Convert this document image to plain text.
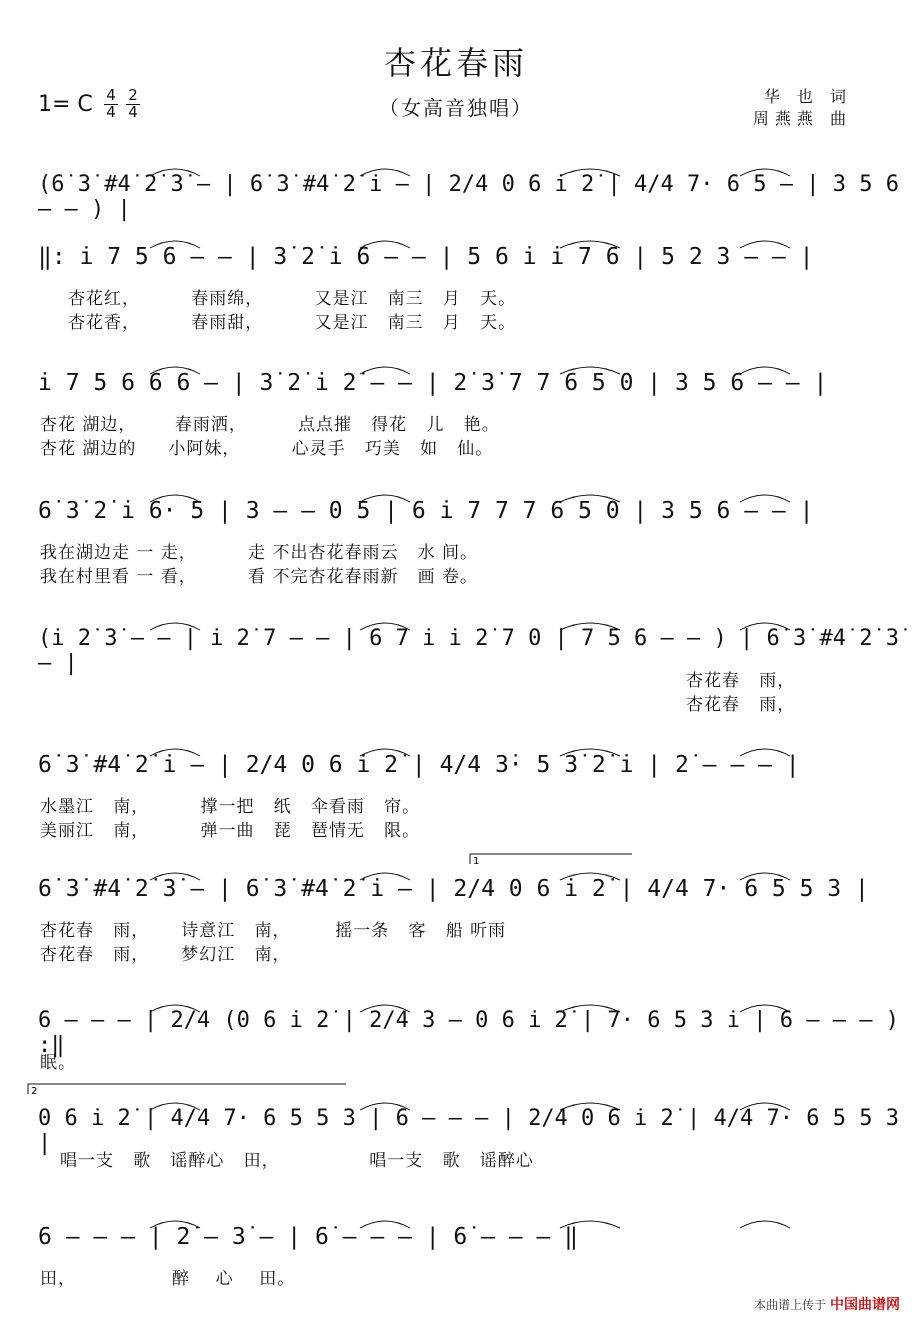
杏花春雨
（女高音独唱）
1= C 4
4
2
4
华 也 词
周燕燕 曲
(6̇ 3̇ #4̇ 2̇ 3̇ – | 6̇ 3̇ #4̇ 2̇ i̇ – | 2/4 0 6 i̇ 2̇ | 4/4 7· 6 5 – | 3 5 6 – – ) |
‖: i̇ 7 5 6 – – | 3̇ 2̇ i̇ 6 – – | 5 6 i̇ i̇ 7 6 | 5 2 3 – – |
杏花红，        春雨绵，        又是江   南三   月   天。
杏花香，        春雨甜，        又是江   南三   月   天。
i̇ 7 5 6 6 6 – | 3̇ 2̇ i̇ 2̇ – – | 2̇ 3̇ 7 7 6 5 0 | 3 5 6 – – |
杏花 湖边，      春雨洒，        点点摧   得花   儿   艳。
杏花 湖边的     小阿妹，        心灵手   巧美   如   仙。
6̇ 3̇ 2̇ i̇ 6· 5 | 3 – – 0 5 | 6 i̇ 7 7 7 6 5 0 | 3 5 6 – – |
我在湖边走 一 走，        走 不出杏花春雨云   水 间。
我在村里看 一 看，        看 不完杏花春雨新   画 卷。
(i̇ 2̇ 3̇ – – | i̇ 2̇ 7 – – | 6 7 i̇ i̇ 2̇ 7 0 | 7 5 6 – – ) | 6̇ 3̇ #4̇ 2̇ 3̇ – |
杏花春   雨，
杏花春   雨，
6̇ 3̇ #4̇ 2̇ i̇ – | 2/4 0 6 i̇ 2̇ | 4/4 3̇· 5 3̇ 2̇ i̇ | 2̇ – – – |
水墨江   南，        撑一把   纸   伞看雨   帘。
美丽江   南，        弹一曲   琵   琶情无   限。
6̇ 3̇ #4̇ 2̇ 3̇ – | 6̇ 3̇ #4̇ 2̇ i̇ – | 2/4 0 6 i̇ 2̇ | 4/4 7· 6 5 5 3 |
杏花春   雨，     诗意江   南，       摇一条   客   船 听雨
杏花春   雨，     梦幻江   南，
6 – – – | 2/4 (0 6 i̇ 2̇ | 2/4 3 – 0 6 i̇ 2̇ | 7· 6 5 3 i̇ | 6 – – – ) :‖
眠。
0 6 i̇ 2̇ | 4/4 7· 6 5 5 3 | 6 – – – | 2/4 0 6 i̇ 2̇ | 4/4 7· 6 5 5 3 |
唱一支   歌   谣醉心   田，              唱一支   歌   谣醉心
6 – – – | 2̇ – 3̇ – | 6̇ – – – | 6̇ – – – ‖
田，               醉    心    田。
1
2
本曲谱上传于 中国曲谱网
